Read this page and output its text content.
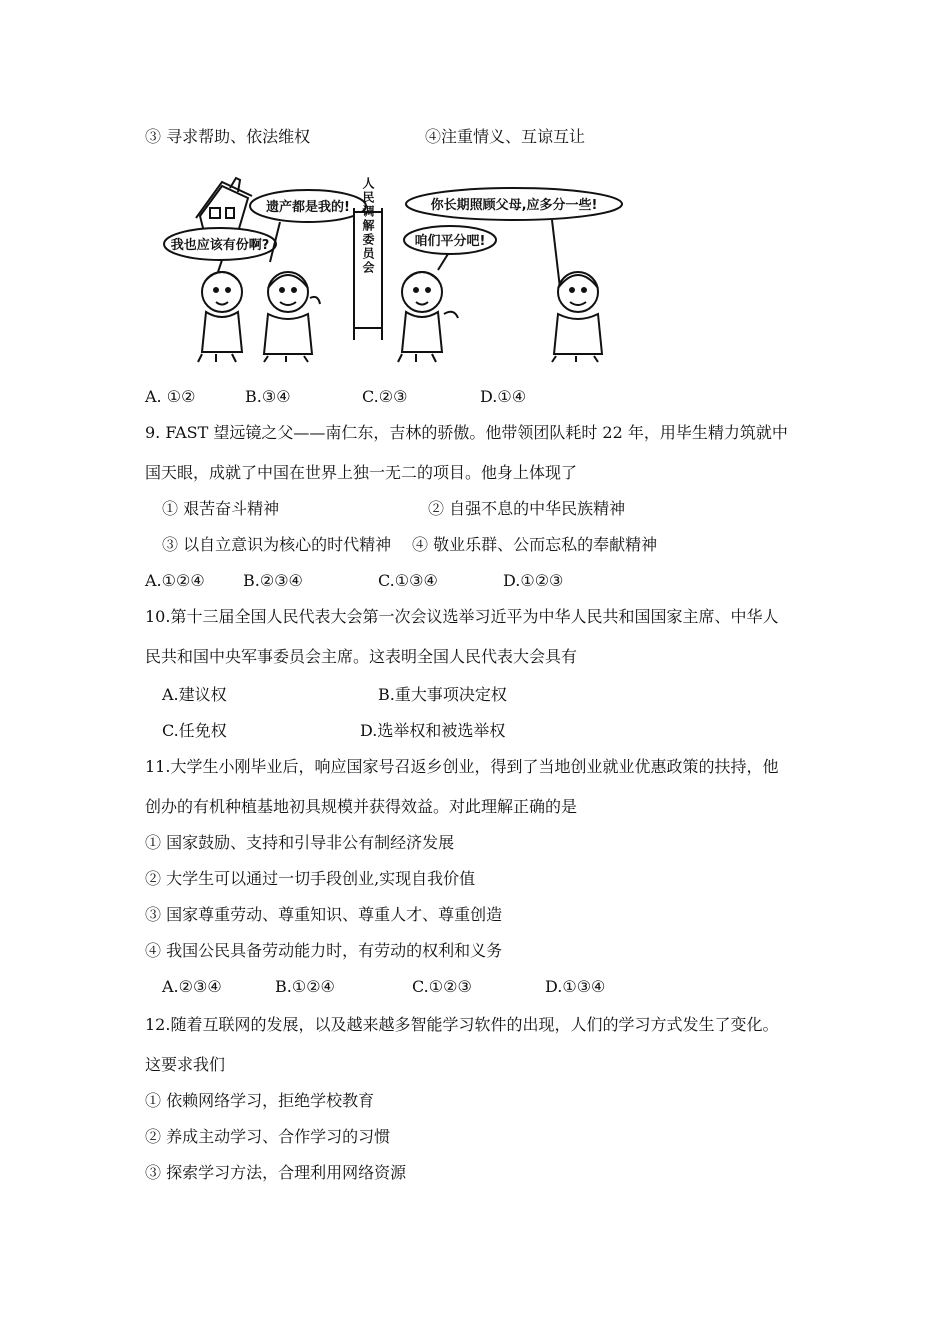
③ 寻求帮助、依法维权	④注重情义、互谅互让
我也应该有份啊?
遗产都是我的! 人民调解委员会	你长期照顾父母,应多分一些!
咱们平分吧!
A. ①②	B.③④	C.②③	D.①④
9. FAST 望远镜之父——南仁东，吉林的骄傲。他带领团队耗时 22 年，用毕生精力筑就中
国天眼，成就了中国在世界上独一无二的项目。他身上体现了
① 艰苦奋斗精神	② 自强不息的中华民族精神
③ 以自立意识为核心的时代精神 ④ 敬业乐群、公而忘私的奉献精神
A.①②④ B.②③④	C.①③④	D.①②③
10.第十三届全国人民代表大会第一次会议选举习近平为中华人民共和国国家主席、中华人
民共和国中央军事委员会主席。这表明全国人民代表大会具有
A.建议权	B.重大事项决定权
C.任免权	D.选举权和被选举权
11.大学生小刚毕业后，响应国家号召返乡创业，得到了当地创业就业优惠政策的扶持，他
创办的有机种植基地初具规模并获得效益。对此理解正确的是
① 国家鼓励、支持和引导非公有制经济发展
② 大学生可以通过一切手段创业,实现自我价值
③ 国家尊重劳动、尊重知识、尊重人才、尊重创造
④ 我国公民具备劳动能力时，有劳动的权利和义务
A.②③④	B.①②④	C.①②③	D.①③④
12.随着互联网的发展，以及越来越多智能学习软件的出现，人们的学习方式发生了变化。
这要求我们
① 依赖网络学习，拒绝学校教育
② 养成主动学习、合作学习的习惯
③ 探索学习方法，合理利用网络资源
